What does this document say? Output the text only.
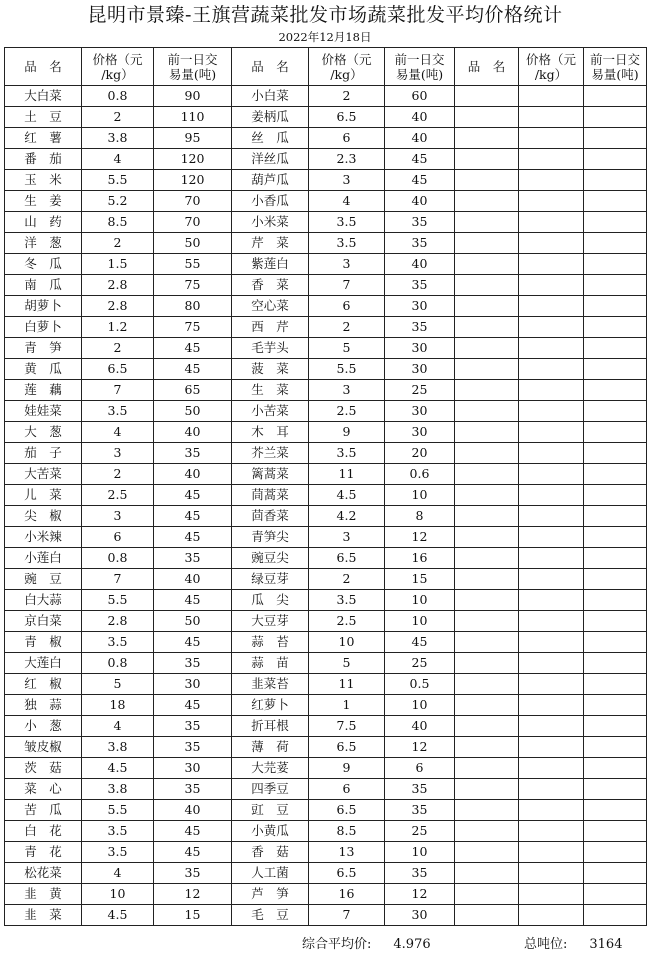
昆明市景臻-王旗营蔬菜批发市场蔬菜批发平均价格统计
2022年12月18日
品　名	价格（元
/kg）	前一日交
易量(吨)	品　名	价格（元
/kg）	前一日交
易量(吨)	品　名	价格（元
/kg）	前一日交
易量(吨)

大白菜	0.8	90	小白菜	2	60			
土　豆	2	110	姜柄瓜	6.5	40			
红　薯	3.8	95	丝　瓜	6	40			
番　茄	4	120	洋丝瓜	2.3	45			
玉　米	5.5	120	葫芦瓜	3	45			
生　姜	5.2	70	小香瓜	4	40			
山　药	8.5	70	小米菜	3.5	35			
洋　葱	2	50	芹　菜	3.5	35			
冬　瓜	1.5	55	紫莲白	3	40			
南　瓜	2.8	75	香　菜	7	35			
胡萝卜	2.8	80	空心菜	6	30			
白萝卜	1.2	75	西　芹	2	35			
青　笋	2	45	毛芋头	5	30			
黄　瓜	6.5	45	菠　菜	5.5	30			
莲　藕	7	65	生　菜	3	25			
娃娃菜	3.5	50	小苦菜	2.5	30			
大　葱	4	40	木　耳	9	30			
茄　子	3	35	芥兰菜	3.5	20			
大苦菜	2	40	篱蒿菜	11	0.6			
儿　菜	2.5	45	茼蒿菜	4.5	10			
尖　椒	3	45	茴香菜	4.2	8			
小米辣	6	45	青笋尖	3	12			
小莲白	0.8	35	豌豆尖	6.5	16			
豌　豆	7	40	绿豆芽	2	15			
白大蒜	5.5	45	瓜　尖	3.5	10			
京白菜	2.8	50	大豆芽	2.5	10			
青　椒	3.5	45	蒜　苔	10	45			
大莲白	0.8	35	蒜　苗	5	25			
红　椒	5	30	韭菜苔	11	0.5			
独　蒜	18	45	红萝卜	1	10			
小　葱	4	35	折耳根	7.5	40			
皱皮椒	3.8	35	薄　荷	6.5	12			
茨　菇	4.5	30	大芫荽	9	6			
菜　心	3.8	35	四季豆	6	35			
苦　瓜	5.5	40	豇　豆	6.5	35			
白　花	3.5	45	小黄瓜	8.5	25			
青　花	3.5	45	香　菇	13	10			
松花菜	4	35	人工菌	6.5	35			
韭　黄	10	12	芦　笋	16	12			
韭　菜	4.5	15	毛　豆	7	30			
综合平均价: 4.976	总吨位: 3164
